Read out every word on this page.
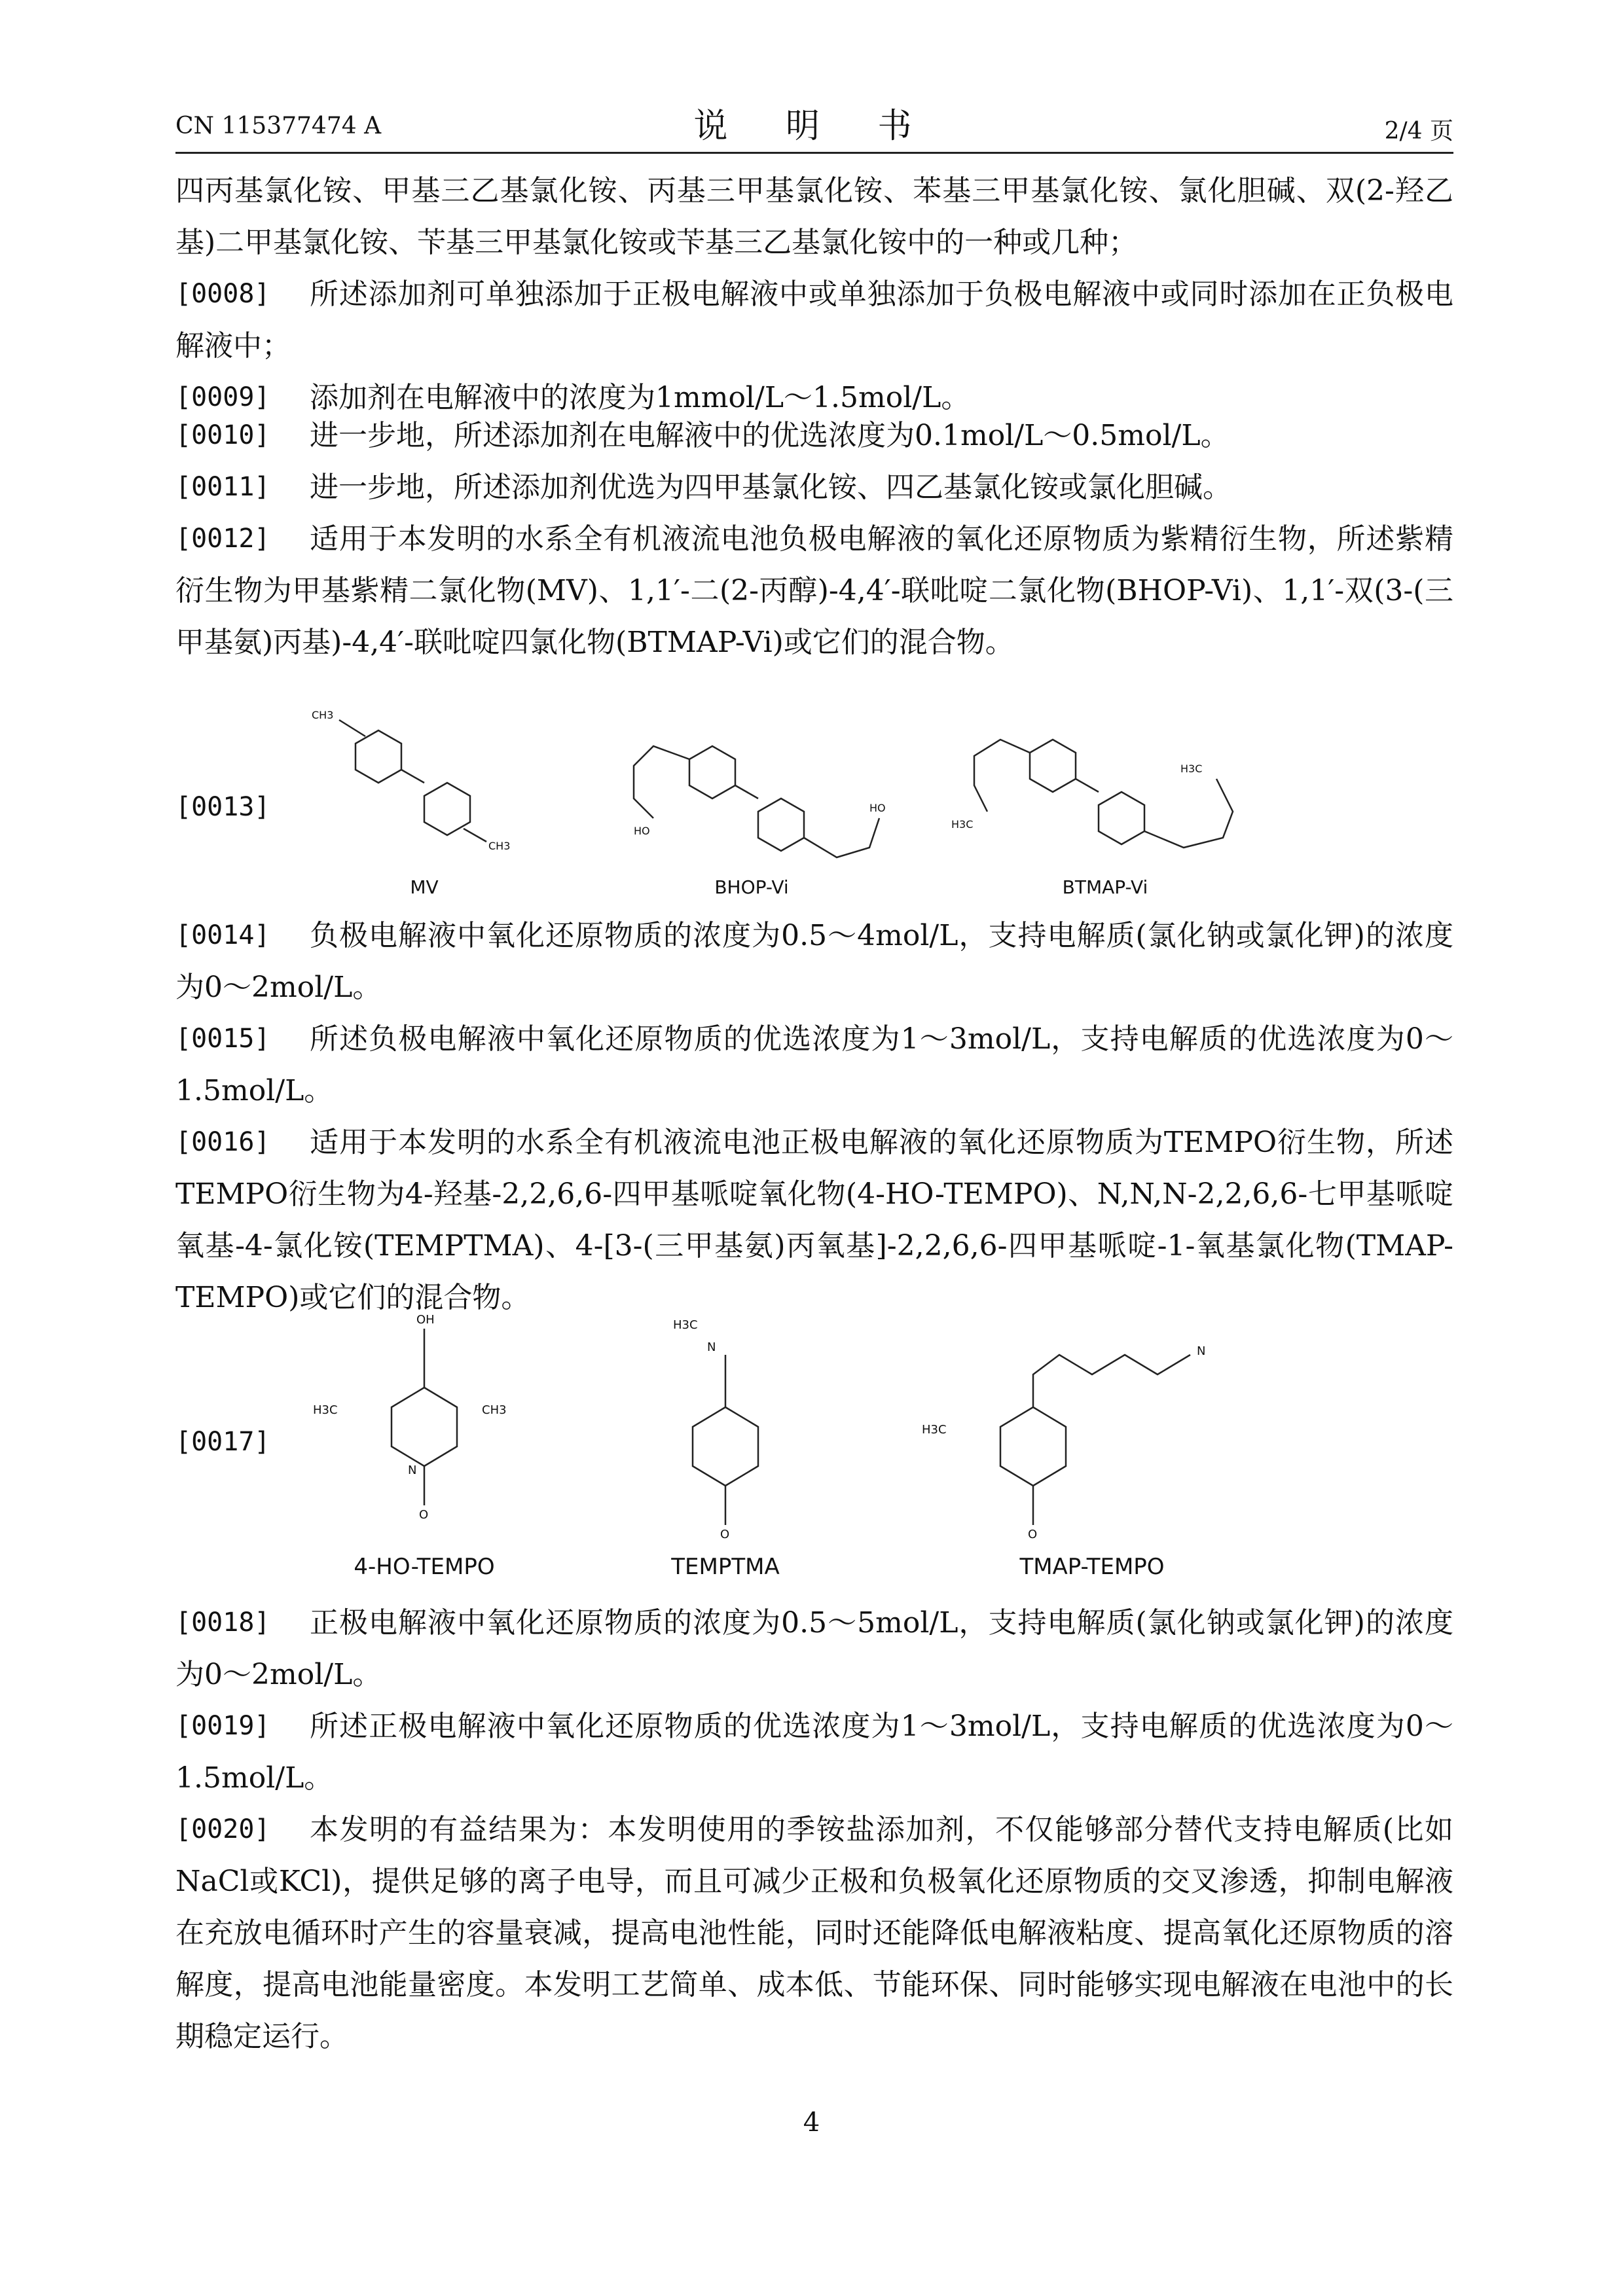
CN 115377474 A	说 明 书	2/4 页
四丙基氯化铵、甲基三乙基氯化铵、丙基三甲基氯化铵、苯基三甲基氯化铵、氯化胆碱、双(2-羟乙基)二甲基氯化铵、苄基三甲基氯化铵或苄基三乙基氯化铵中的一种或几种；
[0008]	所述添加剂可单独添加于正极电解液中或单独添加于负极电解液中或同时添加在正负极电解液中；
[0009]	添加剂在电解液中的浓度为1mmol/L～1.5mol/L。
[0010]	进一步地，所述添加剂在电解液中的优选浓度为0.1mol/L～0.5mol/L。
[0011]	进一步地，所述添加剂优选为四甲基氯化铵、四乙基氯化铵或氯化胆碱。
[0012]	适用于本发明的水系全有机液流电池负极电解液的氧化还原物质为紫精衍生物，所述紫精衍生物为甲基紫精二氯化物(MV)、1,1′-二(2-丙醇)-4,4′-联吡啶二氯化物(BHOP-Vi)、1,1′-双(3-(三甲基氨)丙基)-4,4′-联吡啶四氯化物(BTMAP-Vi)或它们的混合物。
[0013]
CH3
CH3
HO
HO
H3C
H3C
MV	BHOP-Vi	BTMAP-Vi
[0014]	负极电解液中氧化还原物质的浓度为0.5～4mol/L，支持电解质(氯化钠或氯化钾)的浓度为0～2mol/L。
[0015]	所述负极电解液中氧化还原物质的优选浓度为1～3mol/L，支持电解质的优选浓度为0～1.5mol/L。
[0016]	适用于本发明的水系全有机液流电池正极电解液的氧化还原物质为TEMPO衍生物，所述TEMPO衍生物为4-羟基-2,2,6,6-四甲基哌啶氧化物(4-HO-TEMPO)、N,N,N-2,2,6,6-七甲基哌啶氧基-4-氯化铵(TEMPTMA)、4-[3-(三甲基氨)丙氧基]-2,2,6,6-四甲基哌啶-1-氧基氯化物(TMAP-TEMPO)或它们的混合物。
[0017]
OH
O
N
H3C	CH3
N
H3C
O
N
O
H3C
4-HO-TEMPO	TEMPTMA	TMAP-TEMPO
[0018]	正极电解液中氧化还原物质的浓度为0.5～5mol/L，支持电解质(氯化钠或氯化钾)的浓度为0～2mol/L。
[0019]	所述正极电解液中氧化还原物质的优选浓度为1～3mol/L，支持电解质的优选浓度为0～1.5mol/L。
[0020]	本发明的有益结果为：本发明使用的季铵盐添加剂，不仅能够部分替代支持电解质(比如NaCl或KCl)，提供足够的离子电导，而且可减少正极和负极氧化还原物质的交叉渗透，抑制电解液在充放电循环时产生的容量衰减，提高电池性能，同时还能降低电解液粘度、提高氧化还原物质的溶解度，提高电池能量密度。本发明工艺简单、成本低、节能环保、同时能够实现电解液在电池中的长期稳定运行。
4
